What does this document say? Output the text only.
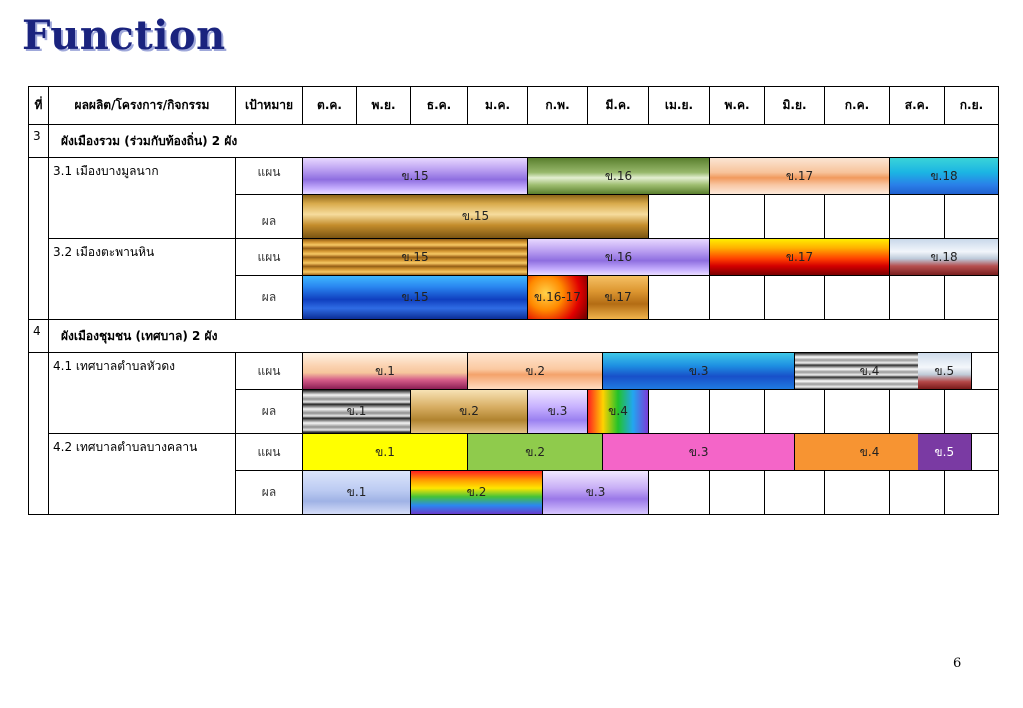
Function
ที่	ผลผลิต/โครงการ/กิจกรรม	เป้าหมาย	ต.ค.	พ.ย.	ธ.ค.	ม.ค.	ก.พ.	มี.ค.	เม.ย.	พ.ค.	มิ.ย.	ก.ค.	ส.ค.	ก.ย.
3	ผังเมืองรวม (ร่วมกับท้องถิ่น) 2 ผัง													
	3.1 เมืองบางมูลนาก	แผน	ข.15 ข.16 ข.17 ข.18											

		ผล	ข.15											

	3.2 เมืองตะพานหิน	แผน	ข.15 ข.16 ข.17 ข.18											

		ผล	ข.15 ข.16-17 ข.17											

4	ผังเมืองชุมชน (เทศบาล) 2 ผัง													
	4.1 เทศบาลตำบลหัวดง	แผน	ข.1 ข.2 ข.3 ข.4 ข.5											

		ผล	ข.1 ข.2 ข.3 ข.4											

	4.2 เทศบาลตำบลบางคลาน	แผน	ข.1 ข.2 ข.3 ข.4 ข.5											

		ผล	ข.1 ข.2 ข.3											
6
